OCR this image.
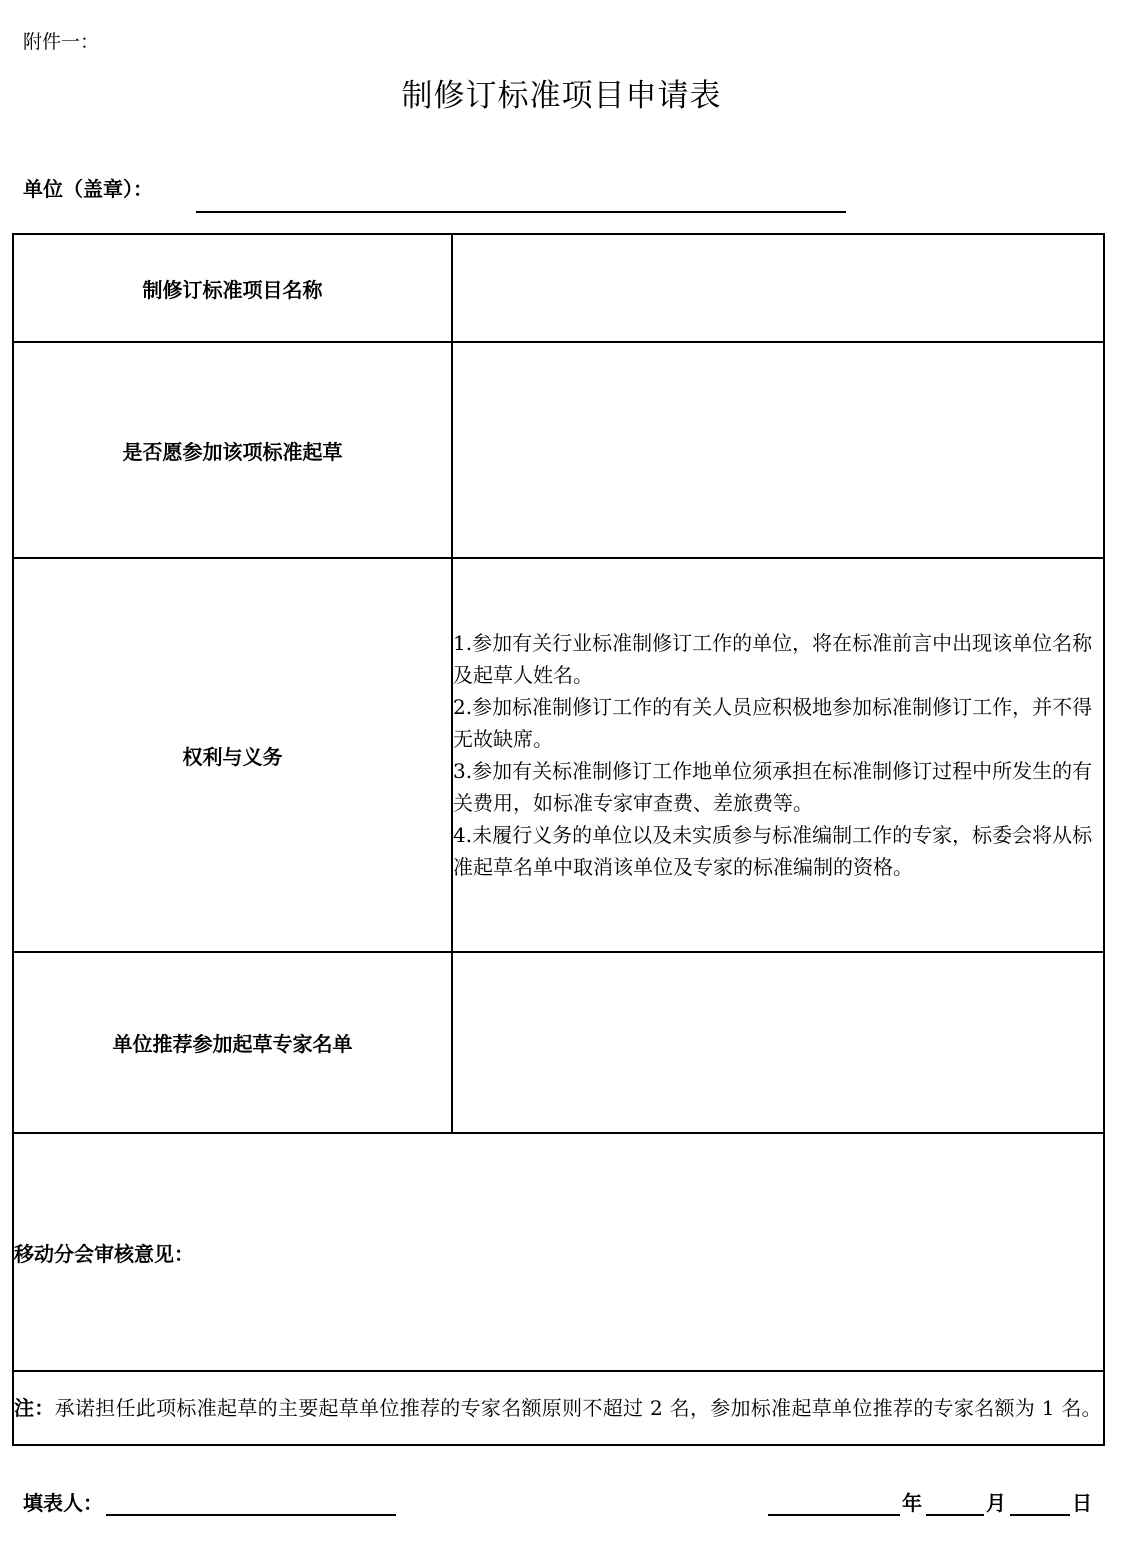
附件一：
制修订标准项目申请表
单位（盖章）：
制修订标准项目名称	
是否愿参加该项标准起草	
权利与义务	1.参加有关行业标准制修订工作的单位，将在标准前言中出现该单位名称及起草人姓名。

2.参加标准制修订工作的有关人员应积极地参加标准制修订工作，并不得无故缺席。

3.参加有关标准制修订工作地单位须承担在标准制修订过程中所发生的有关费用，如标准专家审查费、差旅费等。

4.未履行义务的单位以及未实质参与标准编制工作的专家，标委会将从标准起草名单中取消该单位及专家的标准编制的资格。

单位推荐参加起草专家名单	
移动分会审核意见：	
注：承诺担任此项标准起草的主要起草单位推荐的专家名额原则不超过 2 名，参加标准起草单位推荐的专家名额为 1 名。	
填表人：	年	月	日
